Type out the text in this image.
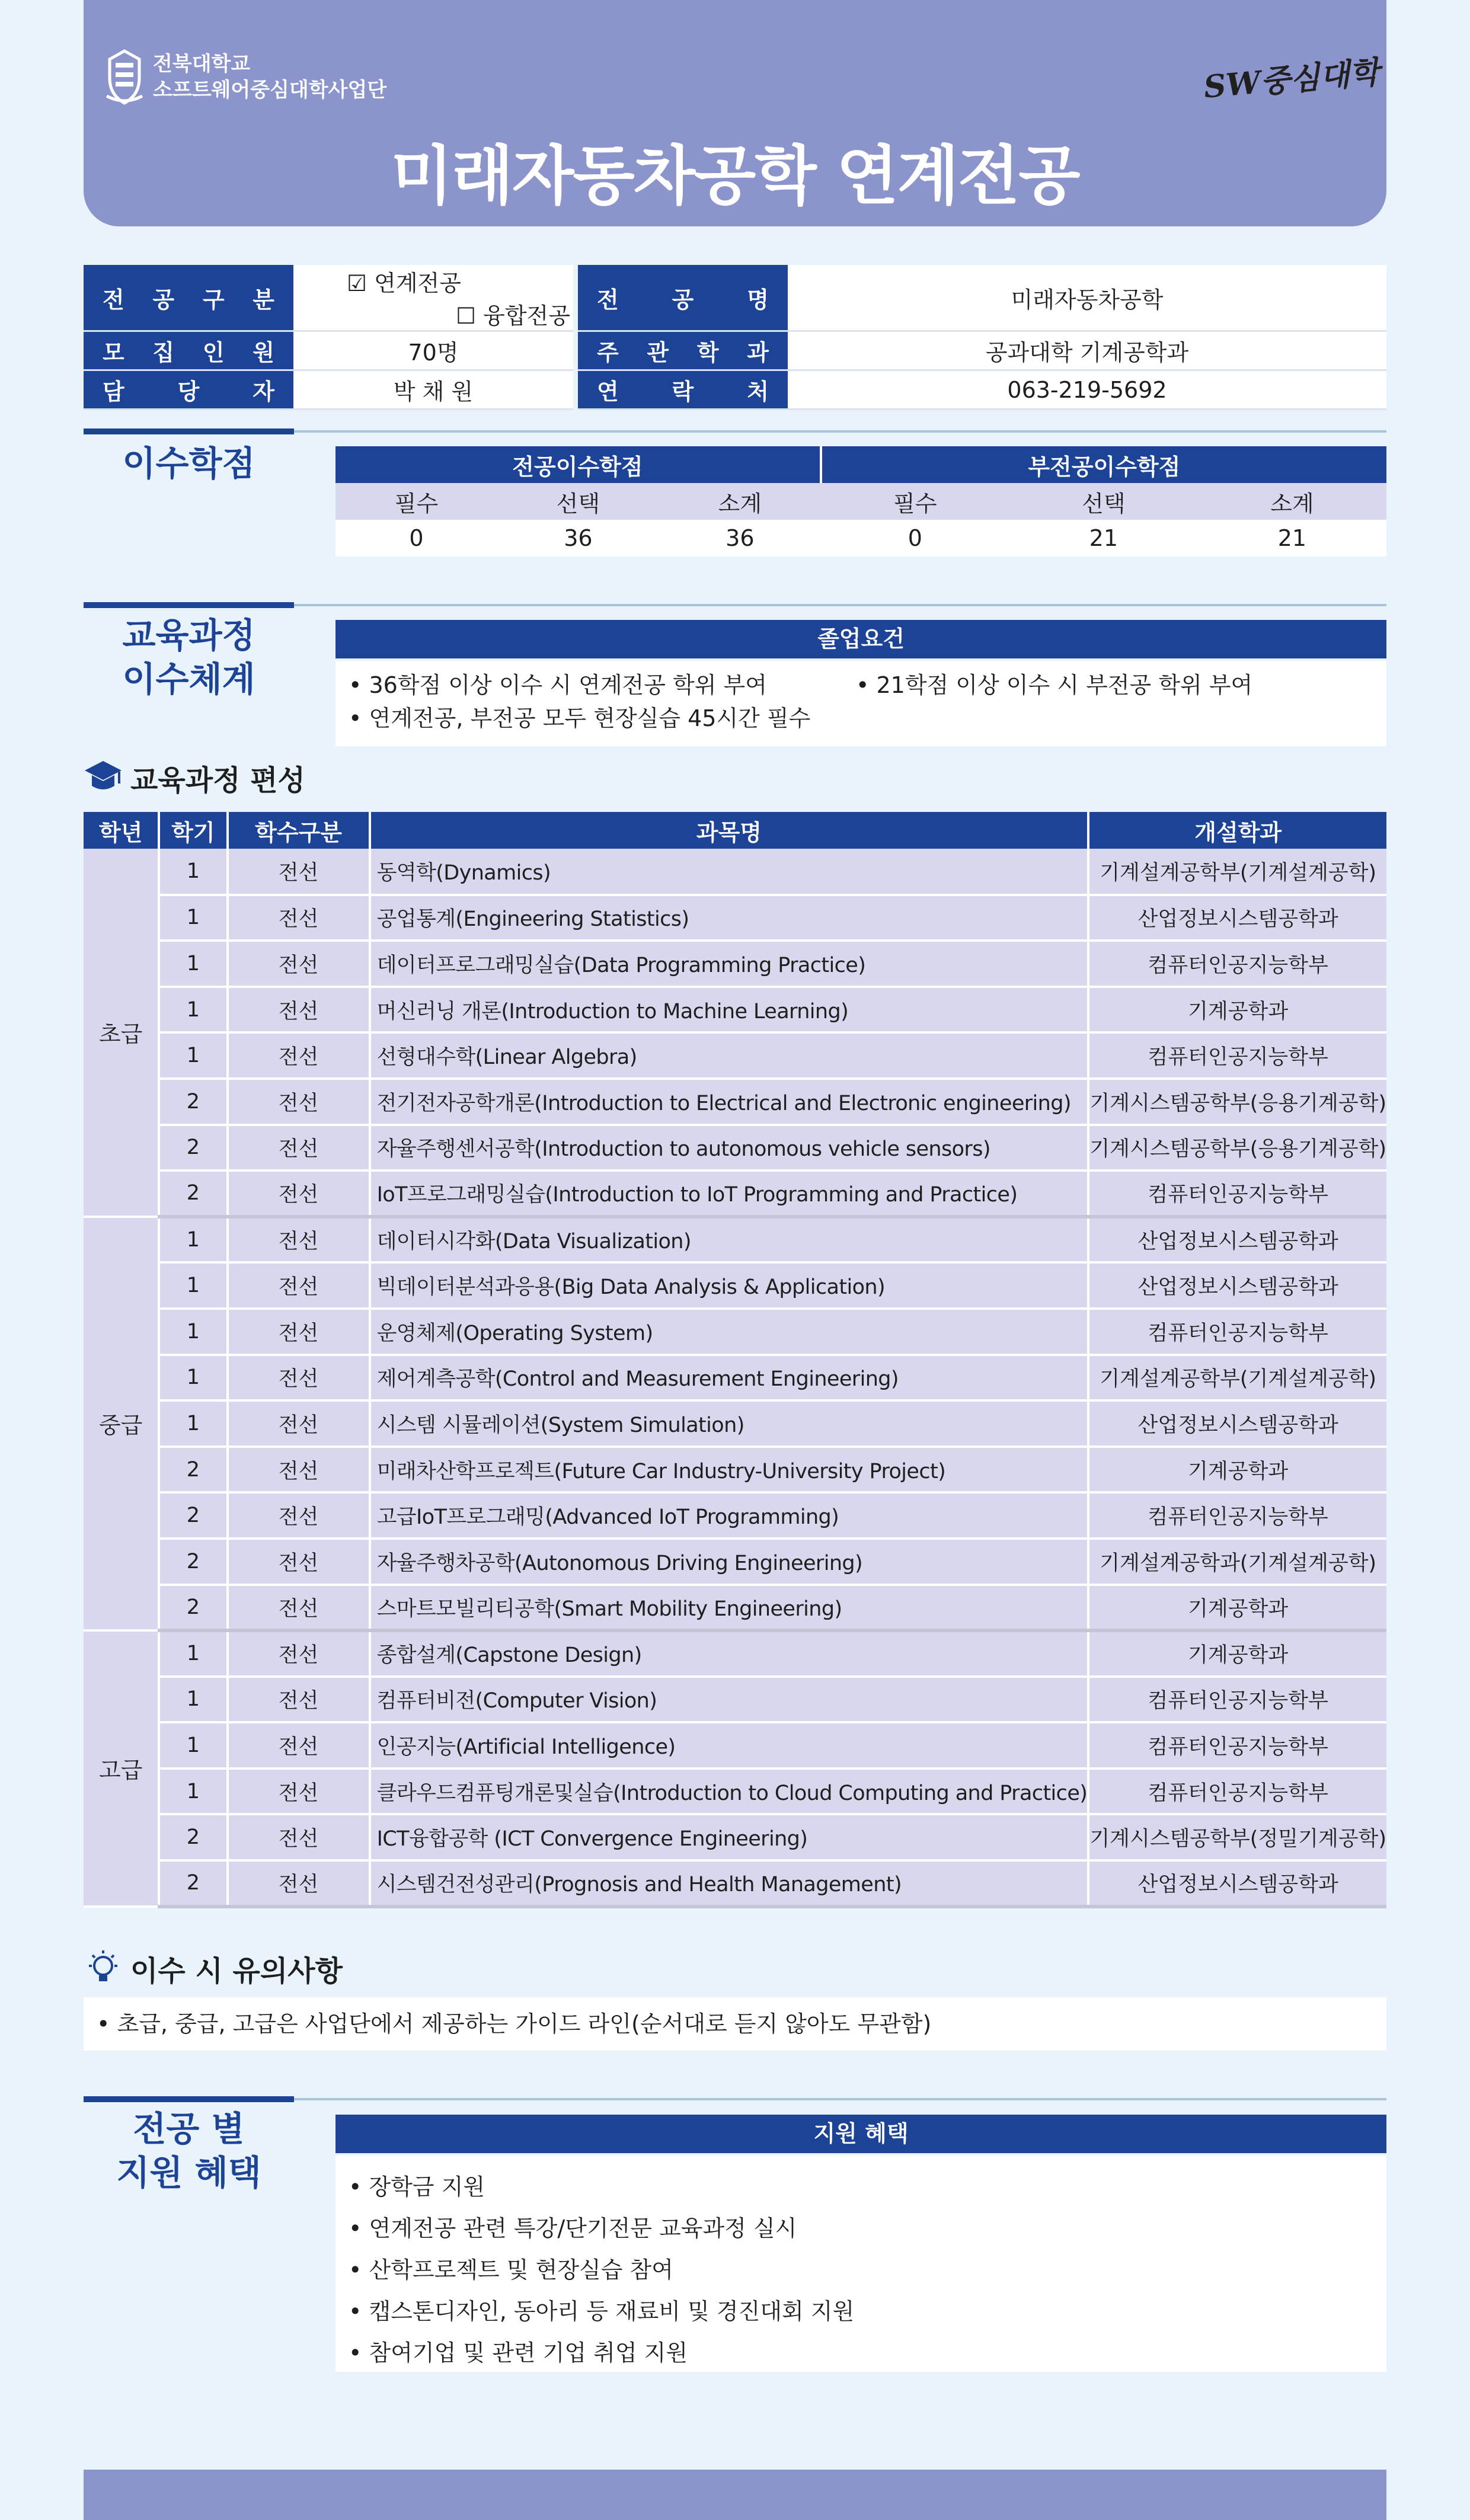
전북대학교
소프트웨어중심대학사업단	SW중심대학
미래자동차공학 연계전공
전 공 구 분	☑ 연계전공 ☐ 융합전공		전 공 명	미래자동차공학
모 집 인 원	70명		주 관 학 과	공과대학 기계공학과
담 당 자	박 채 원		연 락 처	063-219-5692
이수학점	전공이수학점			부전공이수학점		
필수	선택	소계	필수	선택	소계
0	36	36	0	21	21
교육과정
이수체계
졸업요건
• 36학점 이상 이수 시 연계전공 학위 부여	• 21학점 이상 이수 시 부전공 학위 부여
• 연계전공, 부전공 모두 현장실습 45시간 필수
교육과정 편성
학년	학기	학수구분	과목명	개설학과
초급	1	전선	동역학(Dynamics)	기계설계공학부(기계설계공학)
	1	전선	공업통계(Engineering Statistics)	산업정보시스템공학과
	1	전선	데이터프로그래밍실습(Data Programming Practice)	컴퓨터인공지능학부
	1	전선	머신러닝 개론(Introduction to Machine Learning)	기계공학과
	1	전선	선형대수학(Linear Algebra)	컴퓨터인공지능학부
	2	전선	전기전자공학개론(Introduction to Electrical and Electronic engineering)	기계시스템공학부(응용기계공학)
	2	전선	자율주행센서공학(Introduction to autonomous vehicle sensors)	기계시스템공학부(응용기계공학)
	2	전선	IoT프로그래밍실습(Introduction to IoT Programming and Practice)	컴퓨터인공지능학부
중급	1	전선	데이터시각화(Data Visualization)	산업정보시스템공학과
	1	전선	빅데이터분석과응용(Big Data Analysis & Application)	산업정보시스템공학과
	1	전선	운영체제(Operating System)	컴퓨터인공지능학부
	1	전선	제어계측공학(Control and Measurement Engineering)	기계설계공학부(기계설계공학)
	1	전선	시스템 시뮬레이션(System Simulation)	산업정보시스템공학과
	2	전선	미래차산학프로젝트(Future Car Industry-University Project)	기계공학과
	2	전선	고급IoT프로그래밍(Advanced IoT Programming)	컴퓨터인공지능학부
	2	전선	자율주행차공학(Autonomous Driving Engineering)	기계설계공학과(기계설계공학)
	2	전선	스마트모빌리티공학(Smart Mobility Engineering)	기계공학과
고급	1	전선	종합설계(Capstone Design)	기계공학과
	1	전선	컴퓨터비전(Computer Vision)	컴퓨터인공지능학부
	1	전선	인공지능(Artificial Intelligence)	컴퓨터인공지능학부
	1	전선	클라우드컴퓨팅개론및실습(Introduction to Cloud Computing and Practice)	컴퓨터인공지능학부
	2	전선	ICT융합공학 (ICT Convergence Engineering)	기계시스템공학부(정밀기계공학)
	2	전선	시스템건전성관리(Prognosis and Health Management)	산업정보시스템공학과
이수 시 유의사항
• 초급, 중급, 고급은 사업단에서 제공하는 가이드 라인(순서대로 듣지 않아도 무관함)
전공 별
지원 혜택
지원 혜택
• 장학금 지원
• 연계전공 관련 특강/단기전문 교육과정 실시
• 산학프로젝트 및 현장실습 참여
• 캡스톤디자인, 동아리 등 재료비 및 경진대회 지원
• 참여기업 및 관련 기업 취업 지원
